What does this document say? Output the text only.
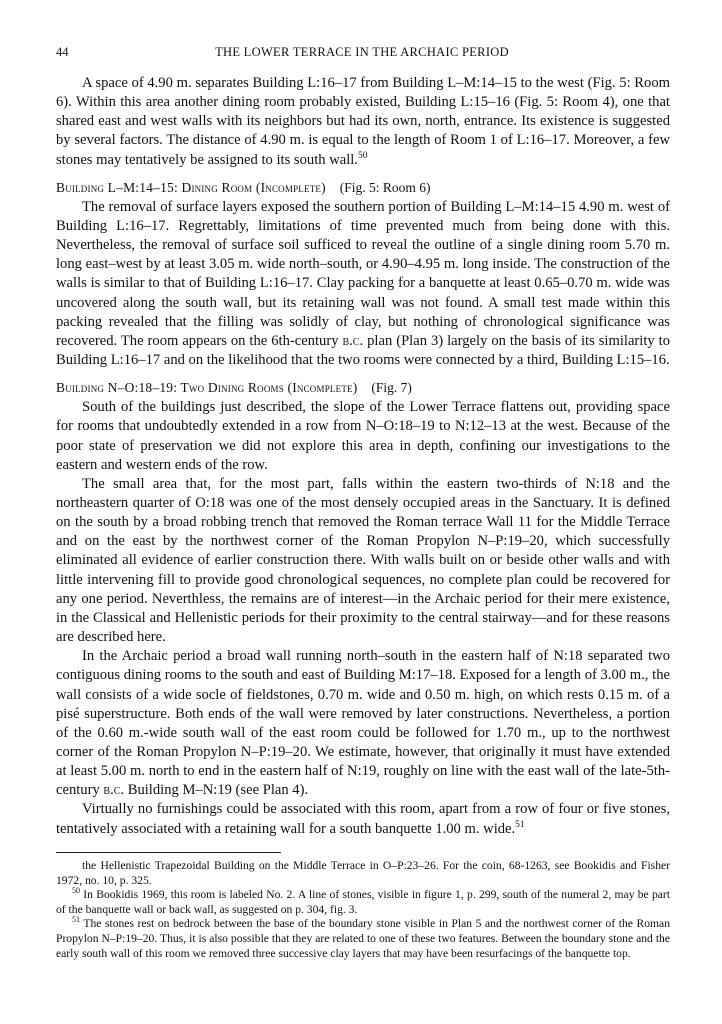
44	THE LOWER TERRACE IN THE ARCHAIC PERIOD

A space of 4.90 m. separates Building L:16–17 from Building L–M:14–15 to the west (Fig. 5: Room 6). Within this area another dining room probably existed, Building L:15–16 (Fig. 5: Room 4), one that shared east and west walls with its neighbors but had its own, north, entrance. Its existence is suggested by several factors. The distance of 4.90 m. is equal to the length of Room 1 of L:16–17. Moreover, a few stones may tentatively be assigned to its south wall.$^{50}$

Building L–M:14–15: Dining Room (Incomplete) (Fig. 5: Room 6)

The removal of surface layers exposed the southern portion of Building L–M:14–15 4.90 m. west of Building L:16–17. Regrettably, limitations of time prevented much from being done with this. Nevertheless, the removal of surface soil sufficed to reveal the outline of a single dining room 5.70 m. long east–west by at least 3.05 m. wide north–south, or 4.90–4.95 m. long inside. The construction of the walls is similar to that of Building L:16–17. Clay packing for a banquette at least 0.65–0.70 m. wide was uncovered along the south wall, but its retaining wall was not found. A small test made within this packing revealed that the filling was solidly of clay, but nothing of chronological significance was recovered. The room appears on the 6th-century b.c. plan (Plan 3) largely on the basis of its similarity to Building L:16–17 and on the likelihood that the two rooms were connected by a third, Building L:15–16.

Building N–O:18–19: Two Dining Rooms (Incomplete) (Fig. 7)

South of the buildings just described, the slope of the Lower Terrace flattens out, providing space for rooms that undoubtedly extended in a row from N–O:18–19 to N:12–13 at the west. Because of the poor state of preservation we did not explore this area in depth, confining our investigations to the eastern and western ends of the row.

The small area that, for the most part, falls within the eastern two-thirds of N:18 and the northeastern quarter of O:18 was one of the most densely occupied areas in the Sanctuary. It is defined on the south by a broad robbing trench that removed the Roman terrace Wall 11 for the Middle Terrace and on the east by the northwest corner of the Roman Propylon N–P:19–20, which successfully eliminated all evidence of earlier construction there. With walls built on or beside other walls and with little intervening fill to provide good chronological sequences, no complete plan could be recovered for any one period. Neverthless, the remains are of interest—in the Archaic period for their mere existence, in the Classical and Hellenistic periods for their proximity to the central stairway—and for these reasons are described here.

In the Archaic period a broad wall running north–south in the eastern half of N:18 separated two contiguous dining rooms to the south and east of Building M:17–18. Exposed for a length of 3.00 m., the wall consists of a wide socle of fieldstones, 0.70 m. wide and 0.50 m. high, on which rests 0.15 m. of a pisé superstructure. Both ends of the wall were removed by later constructions. Nevertheless, a portion of the 0.60 m.-wide south wall of the east room could be followed for 1.70 m., up to the northwest corner of the Roman Propylon N–P:19–20. We estimate, however, that originally it must have extended at least 5.00 m. north to end in the eastern half of N:19, roughly on line with the east wall of the late-5th-century b.c. Building M–N:19 (see Plan 4).

Virtually no furnishings could be associated with this room, apart from a row of four or five stones, tentatively associated with a retaining wall for a south banquette 1.00 m. wide.$^{51}$

the Hellenistic Trapezoidal Building on the Middle Terrace in O–P:23–26. For the coin, 68-1263, see Bookidis and Fisher 1972, no. 10, p. 325.

$^{50}$ In Bookidis 1969, this room is labeled No. 2. A line of stones, visible in figure 1, p. 299, south of the numeral 2, may be part of the banquette wall or back wall, as suggested on p. 304, fig. 3.

$^{51}$ The stones rest on bedrock between the base of the boundary stone visible in Plan 5 and the northwest corner of the Roman Propylon N–P:19–20. Thus, it is also possible that they are related to one of these two features. Between the boundary stone and the early south wall of this room we removed three successive clay layers that may have been resurfacings of the banquette top.
